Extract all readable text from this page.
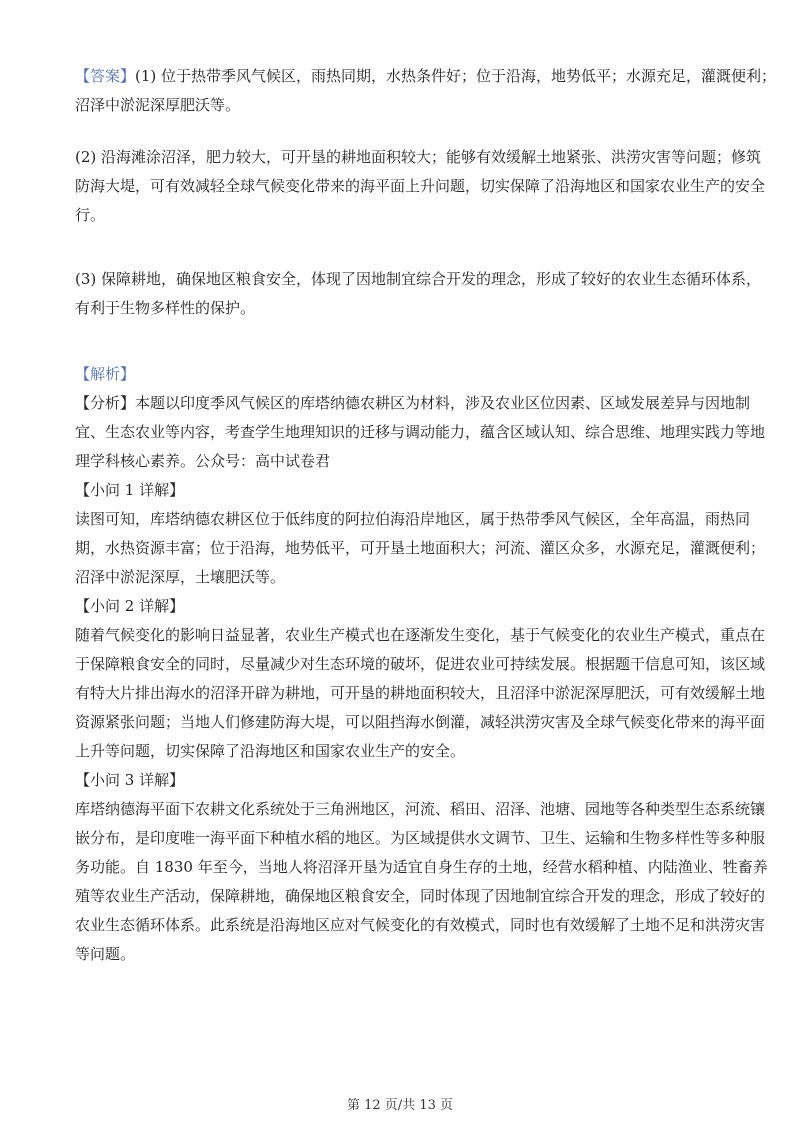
【答案】(1) 位于热带季风气候区，雨热同期，水热条件好；位于沿海，地势低平；水源充足，灌溉便利；
沼泽中淤泥深厚肥沃等。
(2) 沿海滩涂沼泽，肥力较大，可开垦的耕地面积较大；能够有效缓解土地紧张、洪涝灾害等问题；修筑
防海大堤，可有效减轻全球气候变化带来的海平面上升问题，切实保障了沿海地区和国家农业生产的安全
行。
(3) 保障耕地，确保地区粮食安全，体现了因地制宜综合开发的理念，形成了较好的农业生态循环体系，
有利于生物多样性的保护。
【解析】
【分析】本题以印度季风气候区的库塔纳德农耕区为材料，涉及农业区位因素、区域发展差异与因地制
宜、生态农业等内容，考查学生地理知识的迁移与调动能力，蕴含区域认知、综合思维、地理实践力等地
理学科核心素养。公众号：高中试卷君
【小问 1 详解】
读图可知，库塔纳德农耕区位于低纬度的阿拉伯海沿岸地区，属于热带季风气候区，全年高温，雨热同
期，水热资源丰富；位于沿海，地势低平，可开垦土地面积大；河流、灌区众多，水源充足，灌溉便利；
沼泽中淤泥深厚，土壤肥沃等。
【小问 2 详解】
随着气候变化的影响日益显著，农业生产模式也在逐渐发生变化，基于气候变化的农业生产模式，重点在
于保障粮食安全的同时，尽量减少对生态环境的破坏，促进农业可持续发展。根据题干信息可知，该区域
有特大片排出海水的沼泽开辟为耕地，可开垦的耕地面积较大，且沼泽中淤泥深厚肥沃，可有效缓解土地
资源紧张问题；当地人们修建防海大堤，可以阻挡海水倒灌，减轻洪涝灾害及全球气候变化带来的海平面
上升等问题，切实保障了沿海地区和国家农业生产的安全。
【小问 3 详解】
库塔纳德海平面下农耕文化系统处于三角洲地区，河流、稻田、沼泽、池塘、园地等各种类型生态系统镶
嵌分布，是印度唯一海平面下种植水稻的地区。为区域提供水文调节、卫生、运输和生物多样性等多种服
务功能。自 1830 年至今，当地人将沼泽开垦为适宜自身生存的土地，经营水稻种植、内陆渔业、牲畜养
殖等农业生产活动，保障耕地，确保地区粮食安全，同时体现了因地制宜综合开发的理念，形成了较好的
农业生态循环体系。此系统是沿海地区应对气候变化的有效模式，同时也有效缓解了土地不足和洪涝灾害
等问题。
第 12 页/共 13 页
